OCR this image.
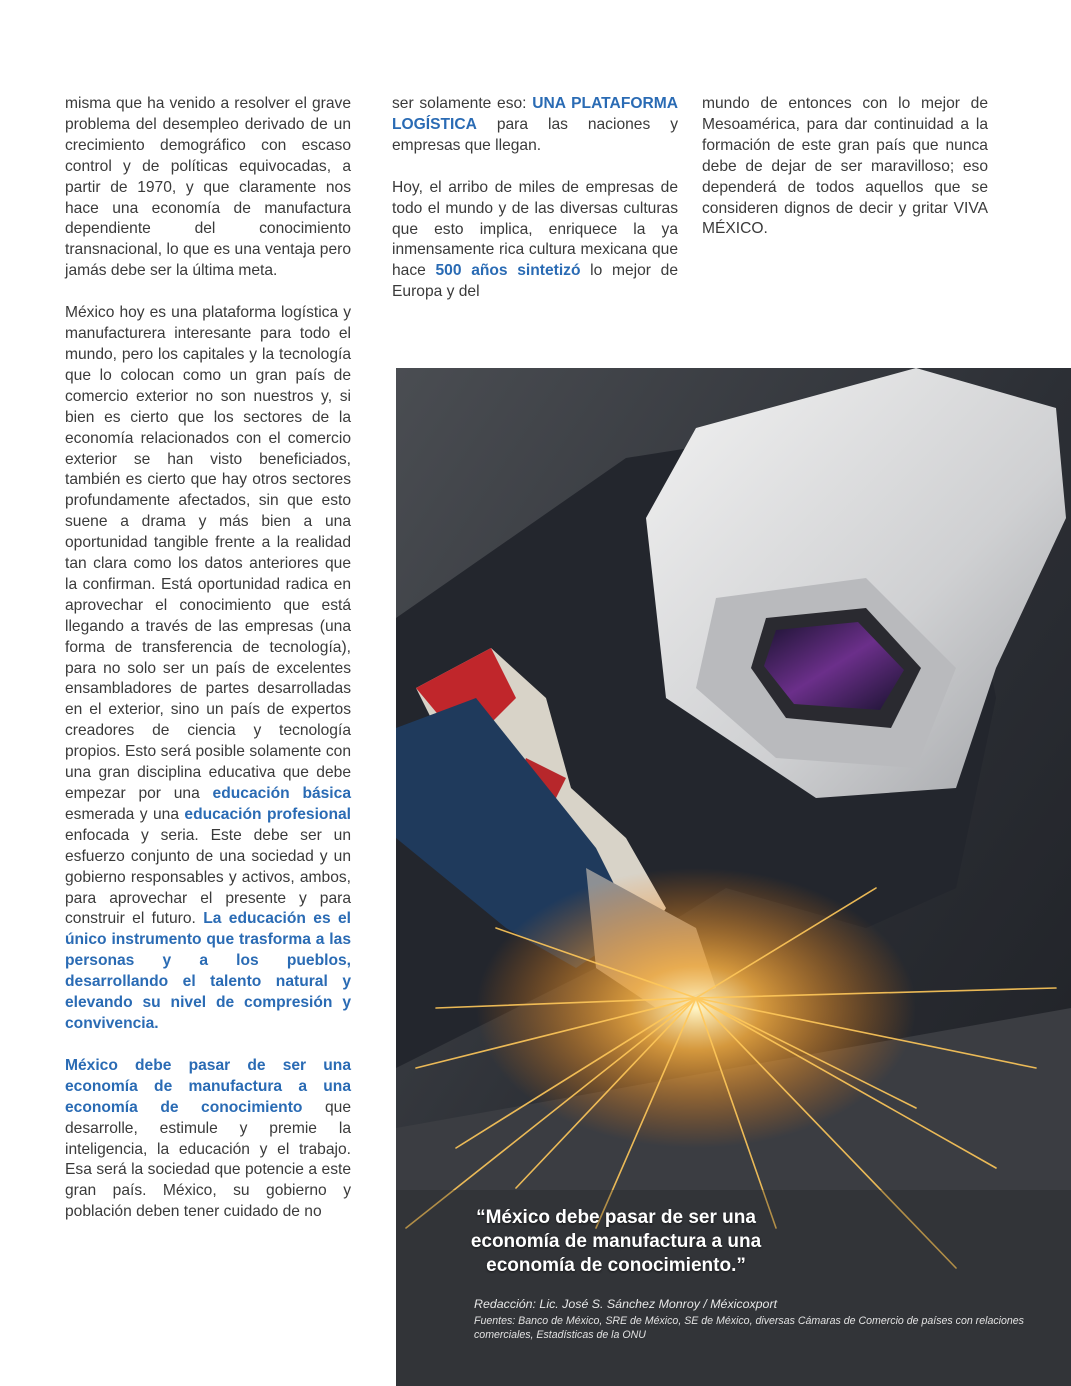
misma que ha venido a resolver el grave problema del desempleo derivado de un crecimiento demográfico con escaso control y de políticas equivocadas, a partir de 1970, y que claramente nos hace una economía de manufactura dependiente del conocimiento transnacional, lo que es una ventaja pero jamás debe ser la última meta.

México hoy es una plataforma logística y manufacturera interesante para todo el mundo, pero los capitales y la tecnología que lo colocan como un gran país de comercio exterior no son nuestros y, si bien es cierto que los sectores de la economía relacionados con el comercio exterior se han visto beneficiados, también es cierto que hay otros sectores profundamente afectados, sin que esto suene a drama y más bien a una oportunidad tangible frente a la realidad tan clara como los datos anteriores que la confirman. Está oportunidad radica en aprovechar el conocimiento que está llegando a través de las empresas (una forma de transferencia de tecnología), para no solo ser un país de excelentes ensambladores de partes desarrolladas en el exterior, sino un país de expertos creadores de ciencia y tecnología propios. Esto será posible solamente con una gran disciplina educativa que debe empezar por una educación básica esmerada y una educación profesional enfocada y seria. Este debe ser un esfuerzo conjunto de una sociedad y un gobierno responsables y activos, ambos, para aprovechar el presente y para construir el futuro. La educación es el único instrumento que trasforma a las personas y a los pueblos, desarrollando el talento natural y elevando su nivel de compresión y convivencia.

México debe pasar de ser una economía de manufactura a una economía de conocimiento que desarrolle, estimule y premie la inteligencia, la educación y el trabajo. Esa será la sociedad que potencie a este gran país. México, su gobierno y población deben tener cuidado de no

ser solamente eso: UNA PLATAFORMA LOGÍSTICA para las naciones y empresas que llegan.

Hoy, el arribo de miles de empresas de todo el mundo y de las diversas culturas que esto implica, enriquece la ya inmensamente rica cultura mexicana que hace 500 años sintetizó lo mejor de Europa y del

mundo de entonces con lo mejor de Mesoamérica, para dar continuidad a la formación de este gran país que nunca debe de dejar de ser maravilloso; eso dependerá de todos aquellos que se consideren dignos de decir y gritar VIVA MÉXICO.

“México debe pasar de ser una economía de manufactura a una economía de conocimiento.”
Redacción: Lic. José S. Sánchez Monroy / Méxicoxport
Fuentes: Banco de México, SRE de México, SE de México, diversas Cámaras de Comercio de países con relaciones comerciales, Estadísticas de la ONU
